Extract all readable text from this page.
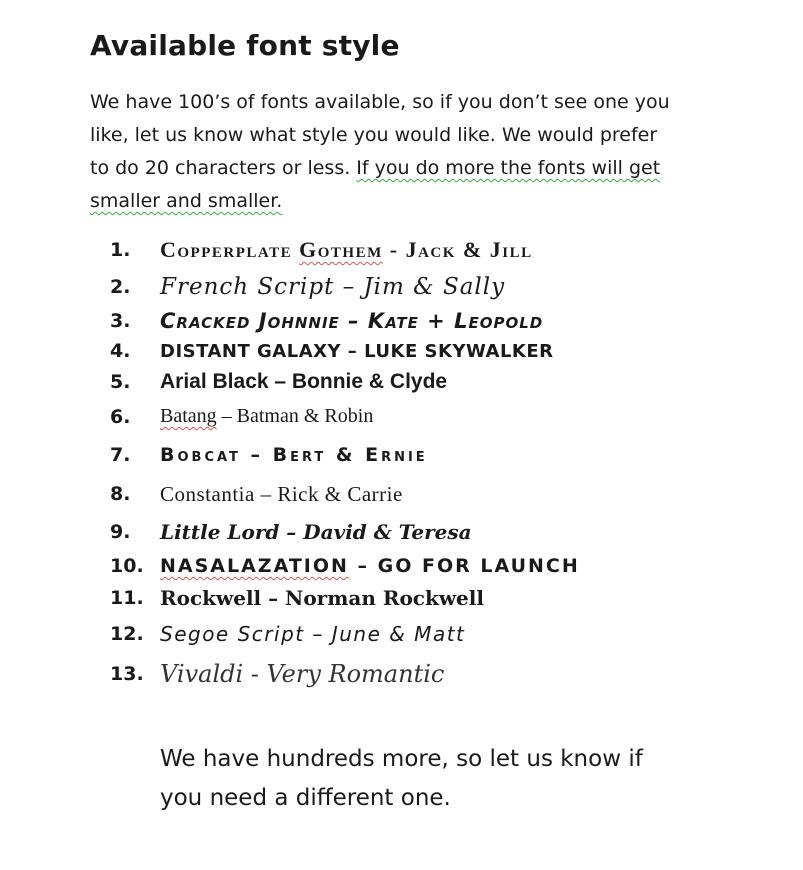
Available font style

We have 100’s of fonts available, so if you don’t see one you
like, let us know what style you would like. We would prefer
to do 20 characters or less. If you do more the fonts will get
smaller and smaller.

1.	Copperplate Gothem - Jack & Jill
2.	French Script – Jim & Sally
3.	Cracked Johnnie – Kate + Leopold
4.	DISTANT GALAXY – LUKE SKYWALKER
5.	Arial Black – Bonnie & Clyde
6.	Batang – Batman & Robin
7.	Bobcat – Bert & Ernie
8.	Constantia – Rick & Carrie
9.	Little Lord – David & Teresa
10. NASALAZATION – GO FOR LAUNCH
11. Rockwell – Norman Rockwell
12. Segoe Script – June & Matt
13. Vivaldi - Very Romantic

We have hundreds more, so let us know if
you need a different one.
